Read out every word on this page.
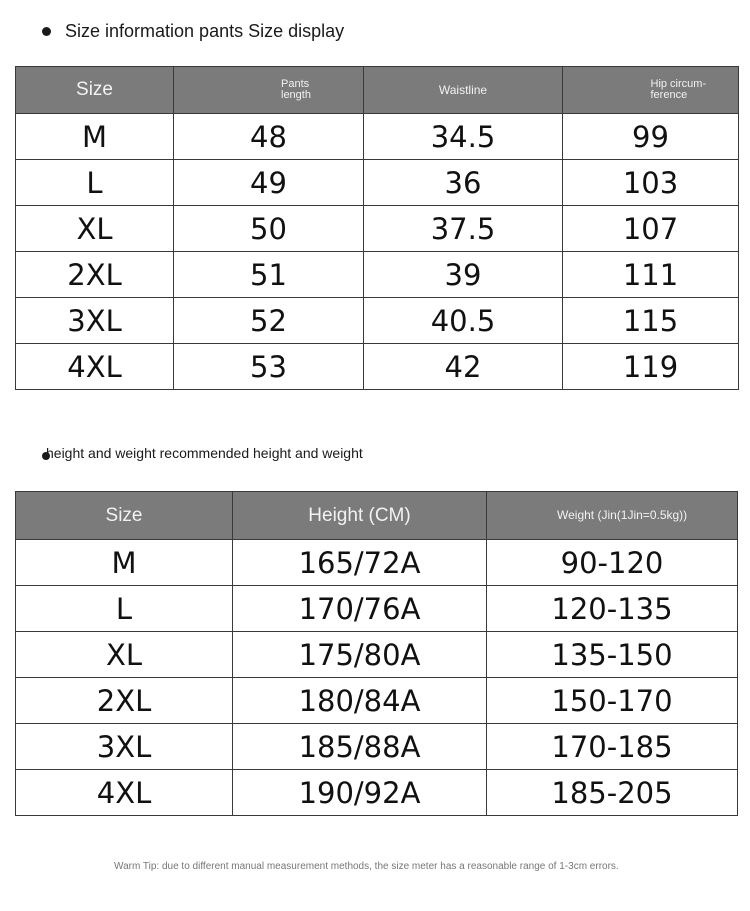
Size information pants Size display
Size	Pants length	Waistline	Hip circum- ference
M	48	34.5	99
L	49	36	103
XL	50	37.5	107
2XL	51	39	111
3XL	52	40.5	115
4XL	53	42	119
height and weight recommended height and weight
Size	Height (CM)	Weight (Jin(1Jin=0.5kg))

M	165/72A	90-120
L	170/76A	120-135
XL	175/80A	135-150
2XL	180/84A	150-170
3XL	185/88A	170-185
4XL	190/92A	185-205
Warm Tip: due to different manual measurement methods, the size meter has a reasonable range of 1-3cm errors.
